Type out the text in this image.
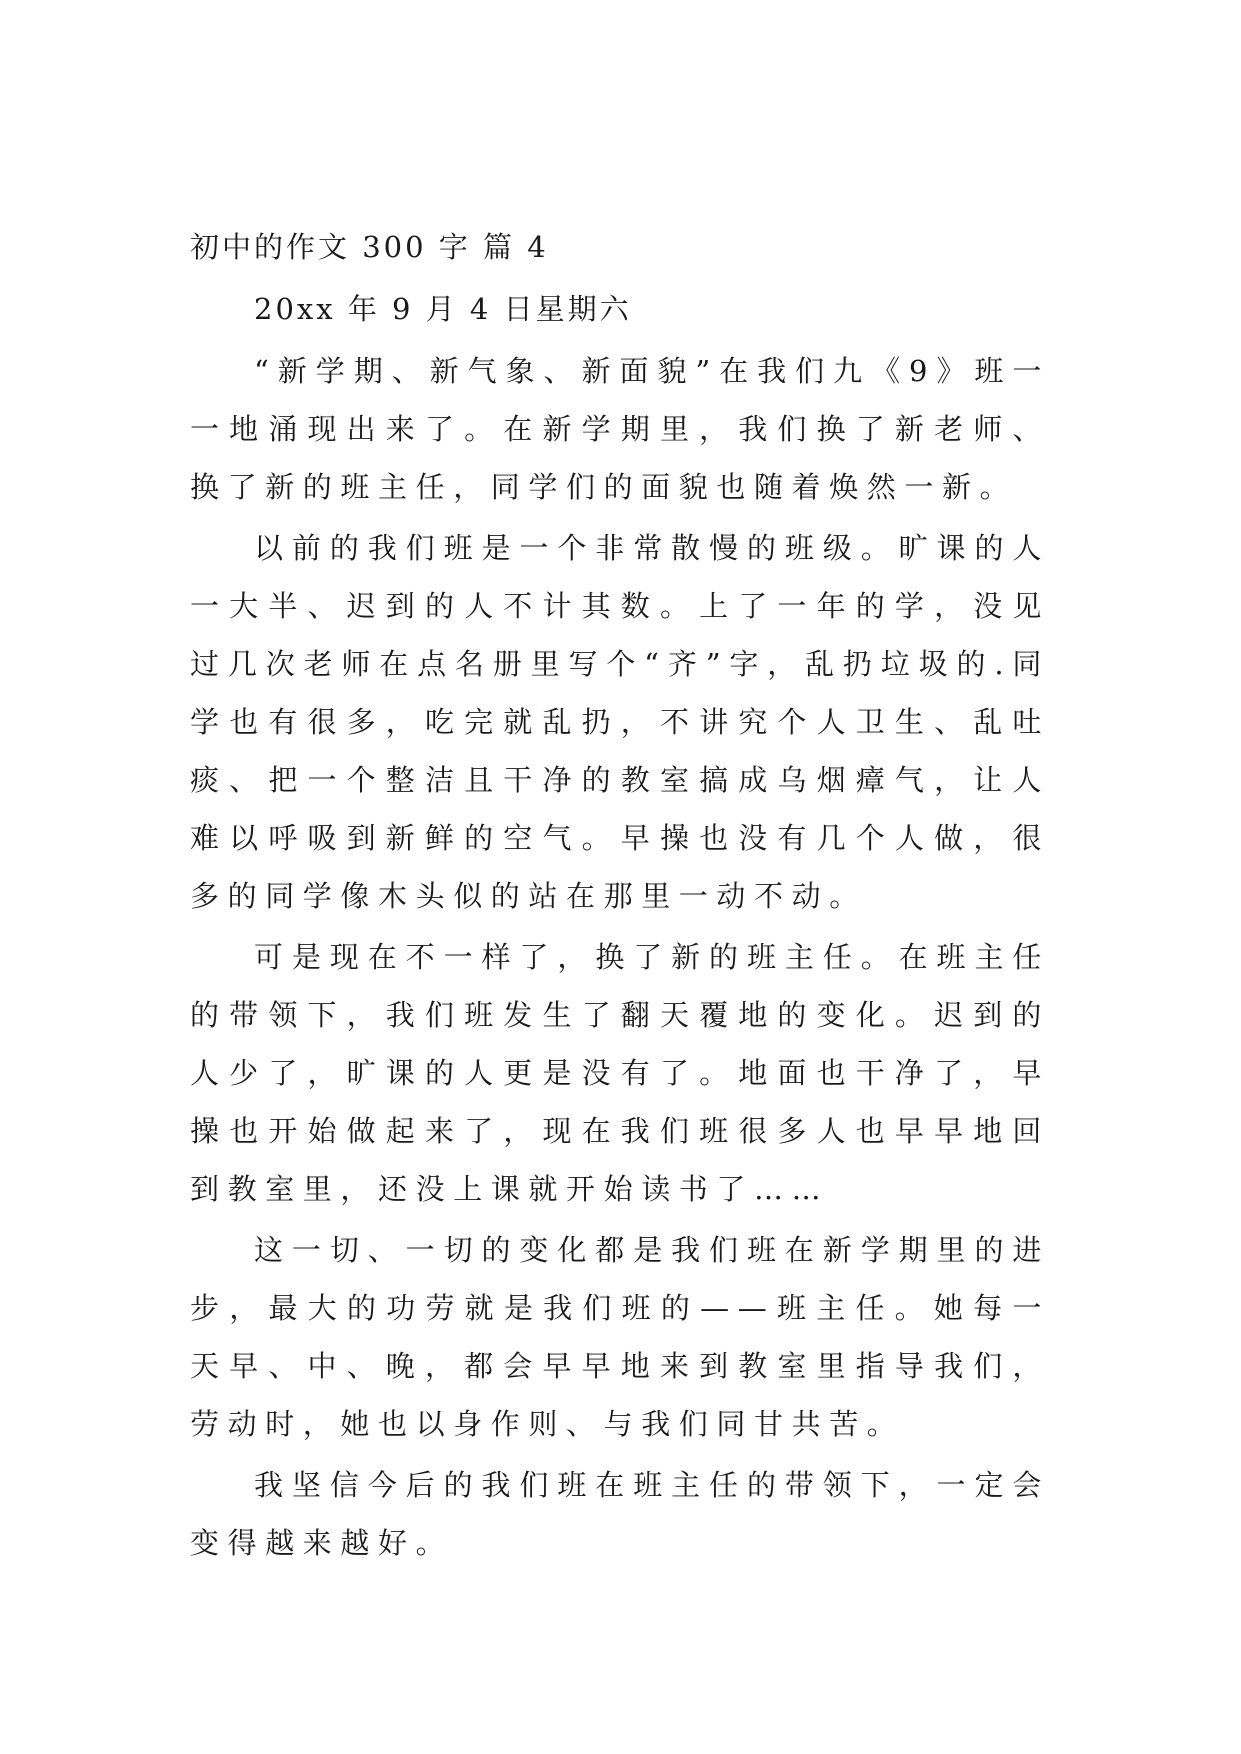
初中的作文 300 字 篇 4

20xx 年 9 月 4 日星期六

“新学期、新气象、新面貌”在我们九《9》班一一地涌现出来了。在新学期里，我们换了新老师、换了新的班主任，同学们的面貌也随着焕然一新。

以前的我们班是一个非常散慢的班级。旷课的人一大半、迟到的人不计其数。上了一年的学，没见过几次老师在点名册里写个“齐”字，乱扔垃圾的.同学也有很多，吃完就乱扔，不讲究个人卫生、乱吐痰、把一个整洁且干净的教室搞成乌烟瘴气，让人难以呼吸到新鲜的空气。早操也没有几个人做，很多的同学像木头似的站在那里一动不动。

可是现在不一样了，换了新的班主任。在班主任的带领下，我们班发生了翻天覆地的变化。迟到的人少了，旷课的人更是没有了。地面也干净了，早操也开始做起来了，现在我们班很多人也早早地回到教室里，还没上课就开始读书了……

这一切、一切的变化都是我们班在新学期里的进步，最大的功劳就是我们班的——班主任。她每一天早、中、晚，都会早早地来到教室里指导我们，劳动时，她也以身作则、与我们同甘共苦。

我坚信今后的我们班在班主任的带领下，一定会变得越来越好。
